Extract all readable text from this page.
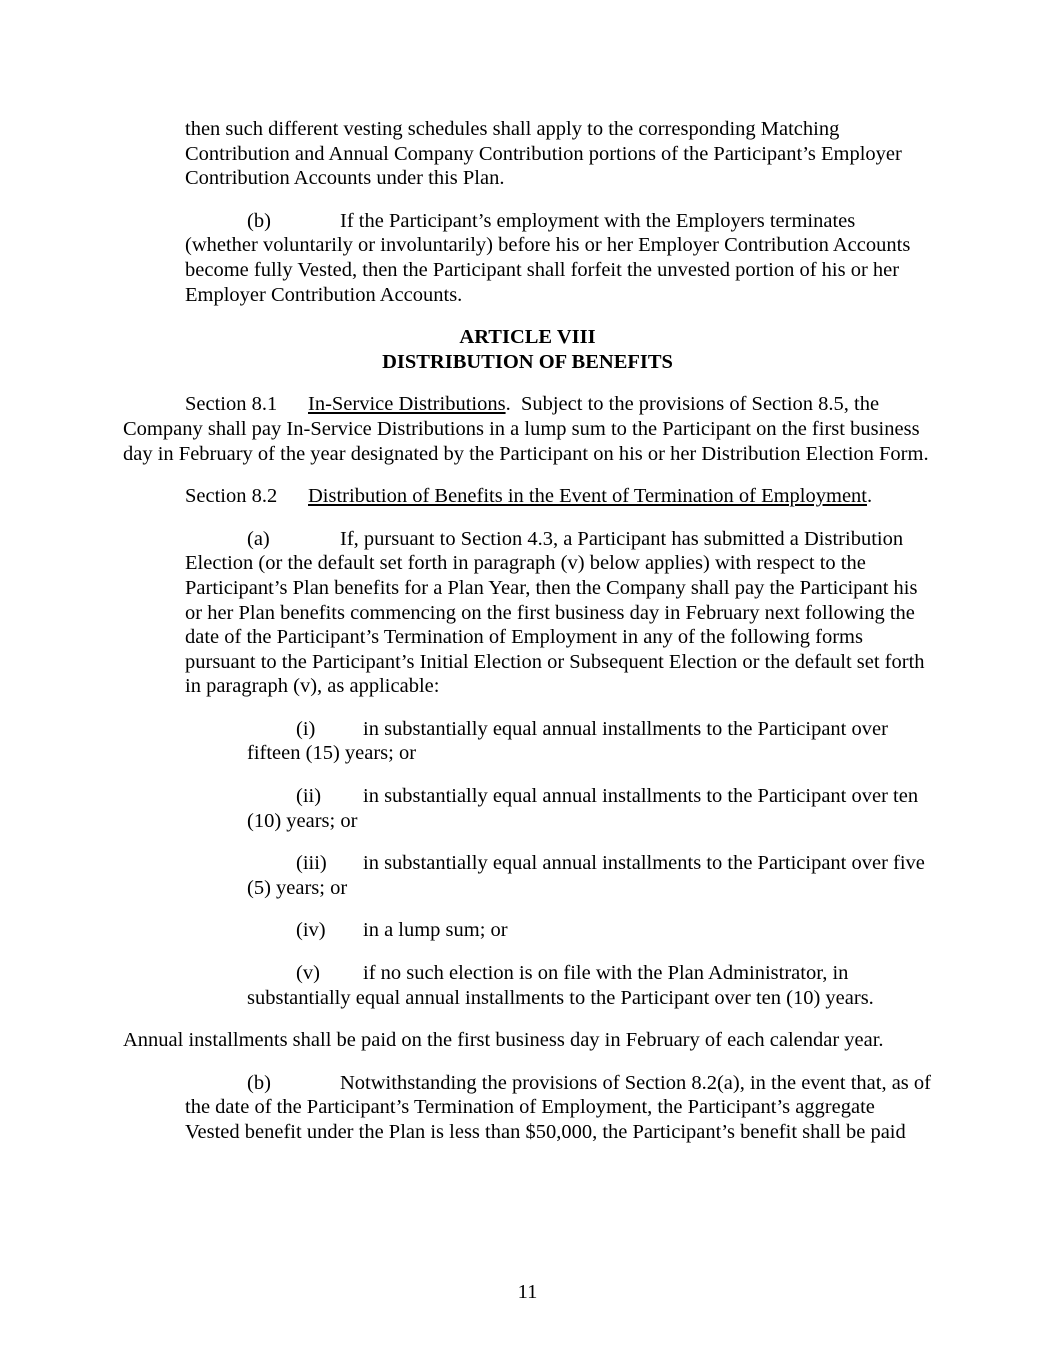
then such different vesting schedules shall apply to the corresponding Matching Contribution and Annual Company Contribution portions of the Participant’s Employer Contribution Accounts under this Plan.
(b)	If the Participant’s employment with the Employers terminates (whether voluntarily or involuntarily) before his or her Employer Contribution Accounts become fully Vested, then the Participant shall forfeit the unvested portion of his or her Employer Contribution Accounts.
ARTICLE VIII
DISTRIBUTION OF BENEFITS
Section 8.1 In-Service Distributions.  Subject to the provisions of Section 8.5, the Company shall pay In-Service Distributions in a lump sum to the Participant on the first business day in February of the year designated by the Participant on his or her Distribution Election Form.
Section 8.2 Distribution of Benefits in the Event of Termination of Employment.
(a)	If, pursuant to Section 4.3, a Participant has submitted a Distribution Election (or the default set forth in paragraph (v) below applies) with respect to the Participant’s Plan benefits for a Plan Year, then the Company shall pay the Participant his or her Plan benefits commencing on the first business day in February next following the date of the Participant’s Termination of Employment in any of the following forms pursuant to the Participant’s Initial Election or Subsequent Election or the default set forth in paragraph (v), as applicable:
(i) in substantially equal annual installments to the Participant over fifteen (15) years; or
(ii) in substantially equal annual installments to the Participant over ten (10) years; or
(iii) in substantially equal annual installments to the Participant over five (5) years; or
(iv) in a lump sum; or
(v) if no such election is on file with the Plan Administrator, in substantially equal annual installments to the Participant over ten (10) years.
Annual installments shall be paid on the first business day in February of each calendar year.
(b)	Notwithstanding the provisions of Section 8.2(a), in the event that, as of the date of the Participant’s Termination of Employment, the Participant’s aggregate Vested benefit under the Plan is less than $50,000, the Participant’s benefit shall be paid
11
